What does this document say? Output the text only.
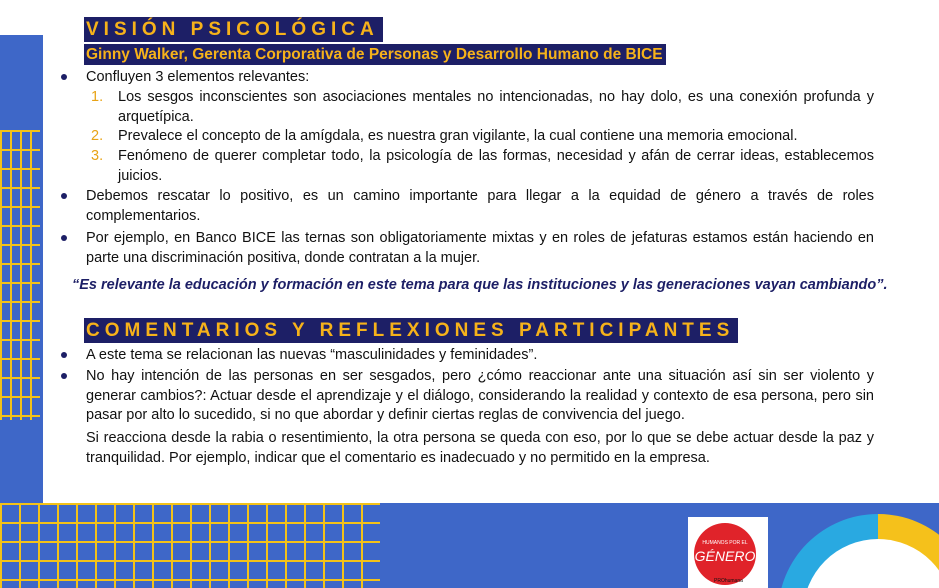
VISIÓN PSICOLÓGICA
Ginny Walker, Gerenta Corporativa de Personas y Desarrollo Humano de BICE
Confluyen 3 elementos relevantes:
1. Los sesgos inconscientes son asociaciones mentales no intencionadas, no hay dolo, es una conexión profunda y arquetípica.
2. Prevalece el concepto de la amígdala, es nuestra gran vigilante, la cual contiene una memoria emocional.
3. Fenómeno de querer completar todo, la psicología de las formas, necesidad y afán de cerrar ideas, establecemos juicios.
Debemos rescatar lo positivo, es un camino importante para llegar a la equidad de género a través de roles complementarios.
Por ejemplo, en Banco BICE las ternas son obligatoriamente mixtas y en roles de jefaturas estamos están haciendo en parte una discriminación positiva, donde contratan a la mujer.
“Es relevante la educación y formación en este tema para que las instituciones y las generaciones vayan cambiando”.
COMENTARIOS Y REFLEXIONES PARTICIPANTES
A este tema se relacionan las nuevas “masculinidades y feminidades”.
No hay intención de las personas en ser sesgados, pero ¿cómo reaccionar ante una situación así sin ser violento y generar cambios?: Actuar desde el aprendizaje y el diálogo, considerando la realidad y contexto de esa persona, pero sin pasar por alto lo sucedido, si no que abordar y definir ciertas reglas de convivencia del juego.
Si reacciona desde la rabia o resentimiento, la otra persona se queda con eso, por lo que se debe actuar desde la paz y tranquilidad. Por ejemplo, indicar que el comentario es inadecuado y no permitido en la empresa.
HUMANOS POR EL
GÉNERO
PROhumana
